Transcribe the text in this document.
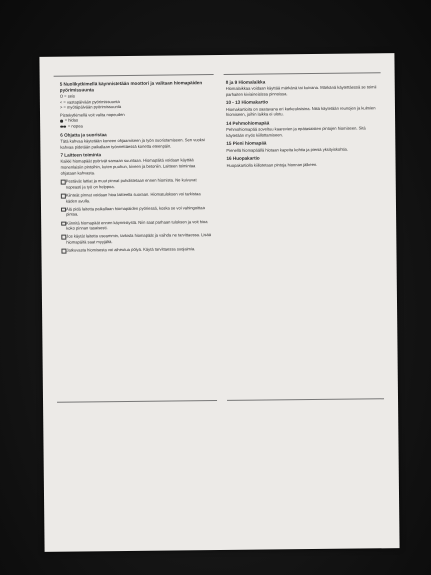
5 Nuolikytkimellä käynnistetään moottori ja valitaan hiomapäiden pyörimissuunta
O = seis
< = vastapäivään pyörimissuunta
> = myötäpäivään pyörimissuunta
Pistekytkimellä voit valita nopeuden
= hidas
= nopea
6 Ohjatta ja suoristaa

Tätä kahvaa käytetään koneen ohjaamiseen ja työn suoristamiseen. Sen vuoksi kahvaa pidetään paikallaan työnnettäessä konetta eteenpäin.

7 Laitteen toiminta

Kaikki hiomapäät pyörivät samaan suuntaan. Hiomapäitä voidaan käyttää monenlaisiin pintoihin, kuten puuhun, kiveen ja betoniin. Laitteen toimintaa ohjataan kahvasta.

Pestävät lattiat ja muut pinnat puhdistetaan ennen hiomista. Ne kuivuvat nopeasti ja työ on helppoa.

Kiinteät pinnat voidaan hioa laitteella suoraan. Hiomatuloksen voi tarkistaa käden avulla.

Älä pidä laitetta paikallaan hiomapäiden pyöriessä, koska se voi vahingoittaa pintaa.

Kiinnitä hiomapäät ennen käynnistystä. Niin saat parhaan tuloksen ja voit hioa koko pinnan tasaisesti.

Jos käytät laitetta useammin, tarkista hiomapäät ja vaihda ne tarvittaessa. Lisää hiomapäitä saat myyjältä.

Jatkuvasta hiomisesta voi aiheutua pölyä. Käytä tarvittaessa suojaimia.

8 ja 9 Hiomalaikka

Hiomalaikkaa voidaan käyttää märkänä tai kuivana. Märkänä käytettäessä se toimii parhaiten kiviaineisissa pinnoissa.

10 - 13 Hiomakartio

Hiomakartioita on saatavana eri karkeuksisina. Niitä käytetään reunojen ja kulmien hiomiseen, joihin laikka ei ulotu.

14 Pehmohiomapää

Pehmohiomapää soveltuu kaarevien ja epätasaisten pintojen hiomiseen. Sitä käytetään myös kiillottamiseen.

15 Pieni hiomapää

Pienellä hiomapäällä hiotaan kapeita kohtia ja pieniä yksityiskohtia.

16 Huopakartio

Huopakartiolla kiillotetaan pintoja hionnan jälkeen.
